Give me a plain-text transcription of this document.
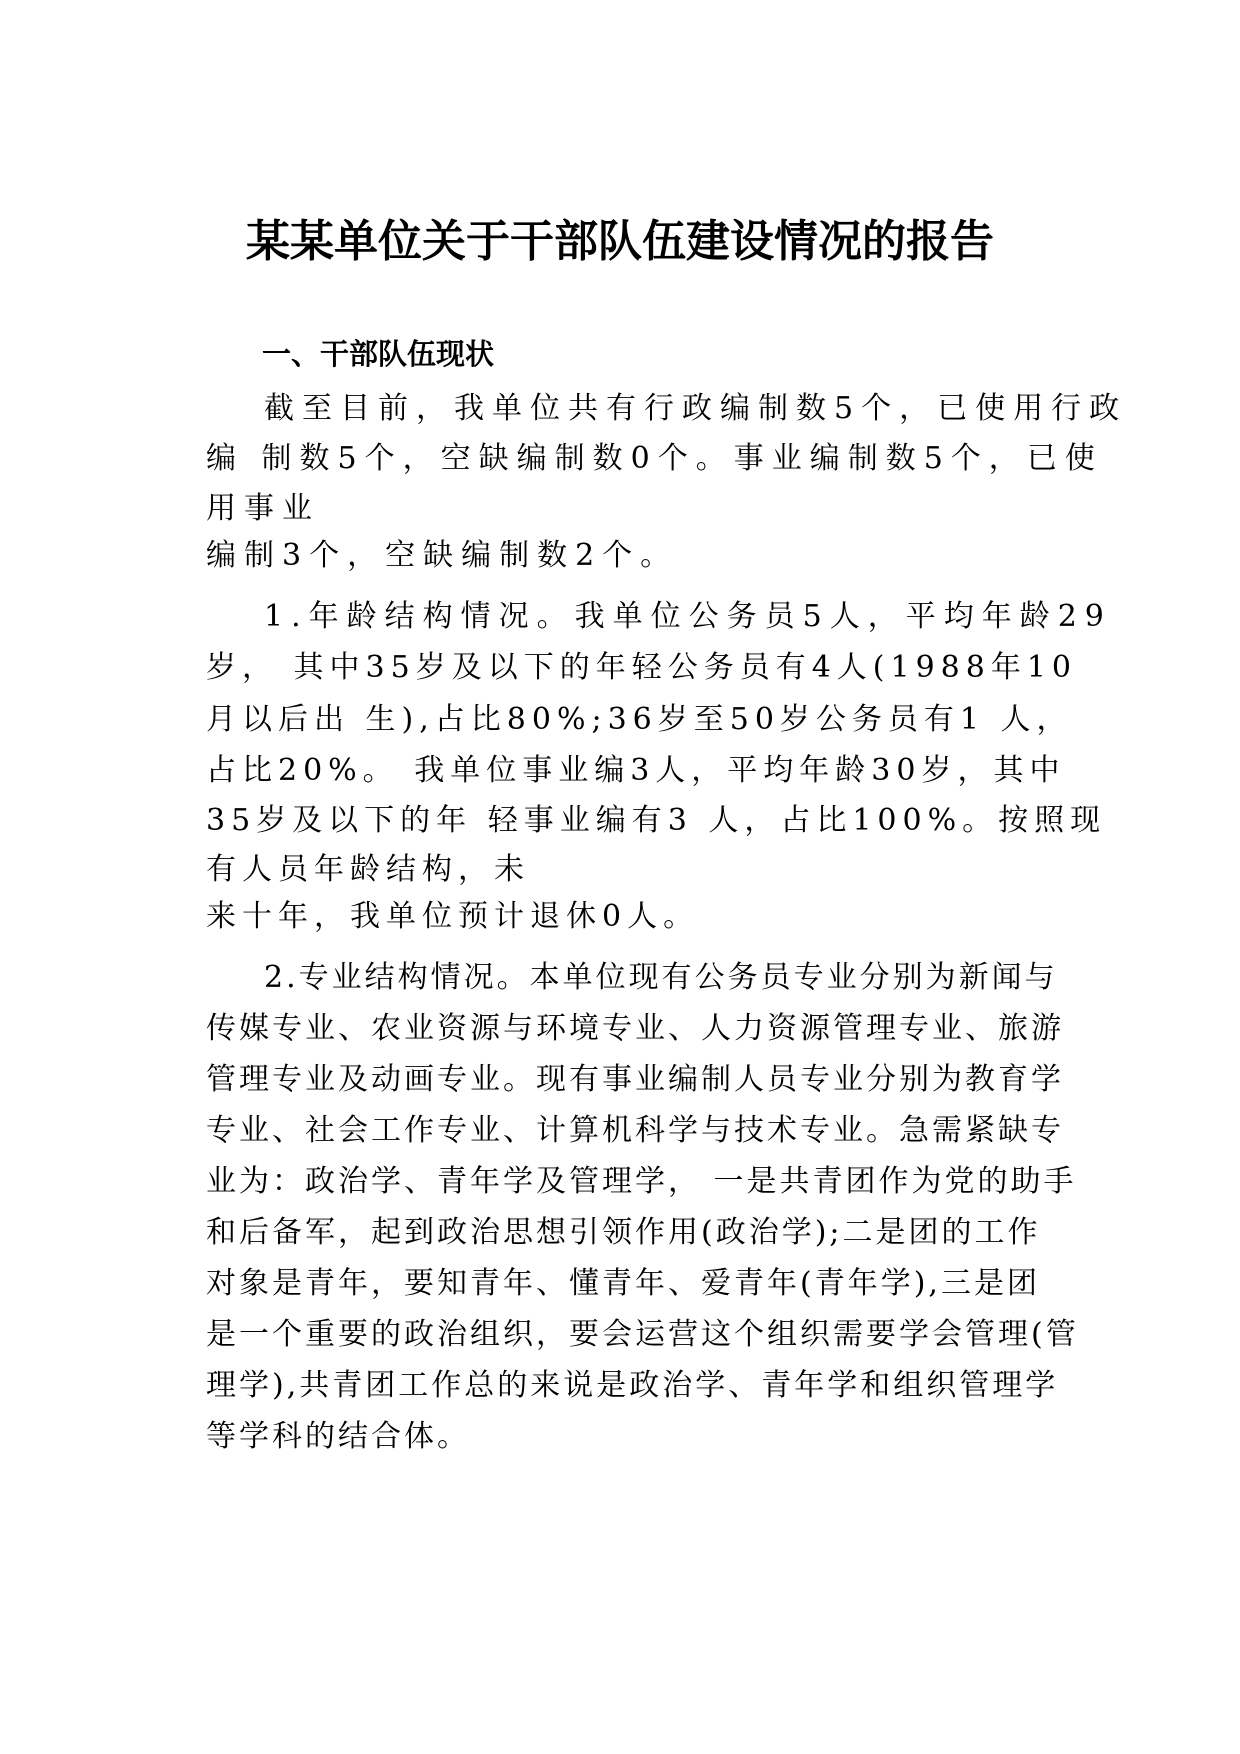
某某单位关于干部队伍建设情况的报告
一、干部队伍现状
截至目前，我单位共有行政编制数5个，已使用行政
编 制数5个，空缺编制数0个。事业编制数5个，已使
用事业
编制3个，空缺编制数2个。
1.年龄结构情况。我单位公务员5人，平均年龄29
岁， 其中35岁及以下的年轻公务员有4人(1988年10
月以后出 生),占比80%;36岁至50岁公务员有1 人，
占比20%。 我单位事业编3人，平均年龄30岁，其中
35岁及以下的年 轻事业编有3 人，占比100%。按照现
有人员年龄结构，未
来十年，我单位预计退休0人。
2.专业结构情况。本单位现有公务员专业分别为新闻与
传媒专业、农业资源与环境专业、人力资源管理专业、旅游
管理专业及动画专业。现有事业编制人员专业分别为教育学
专业、社会工作专业、计算机科学与技术专业。急需紧缺专
业为：政治学、青年学及管理学， 一是共青团作为党的助手
和后备军，起到政治思想引领作用(政治学);二是团的工作
对象是青年，要知青年、懂青年、爱青年(青年学),三是团
是一个重要的政治组织，要会运营这个组织需要学会管理(管
理学),共青团工作总的来说是政治学、青年学和组织管理学
等学科的结合体。
